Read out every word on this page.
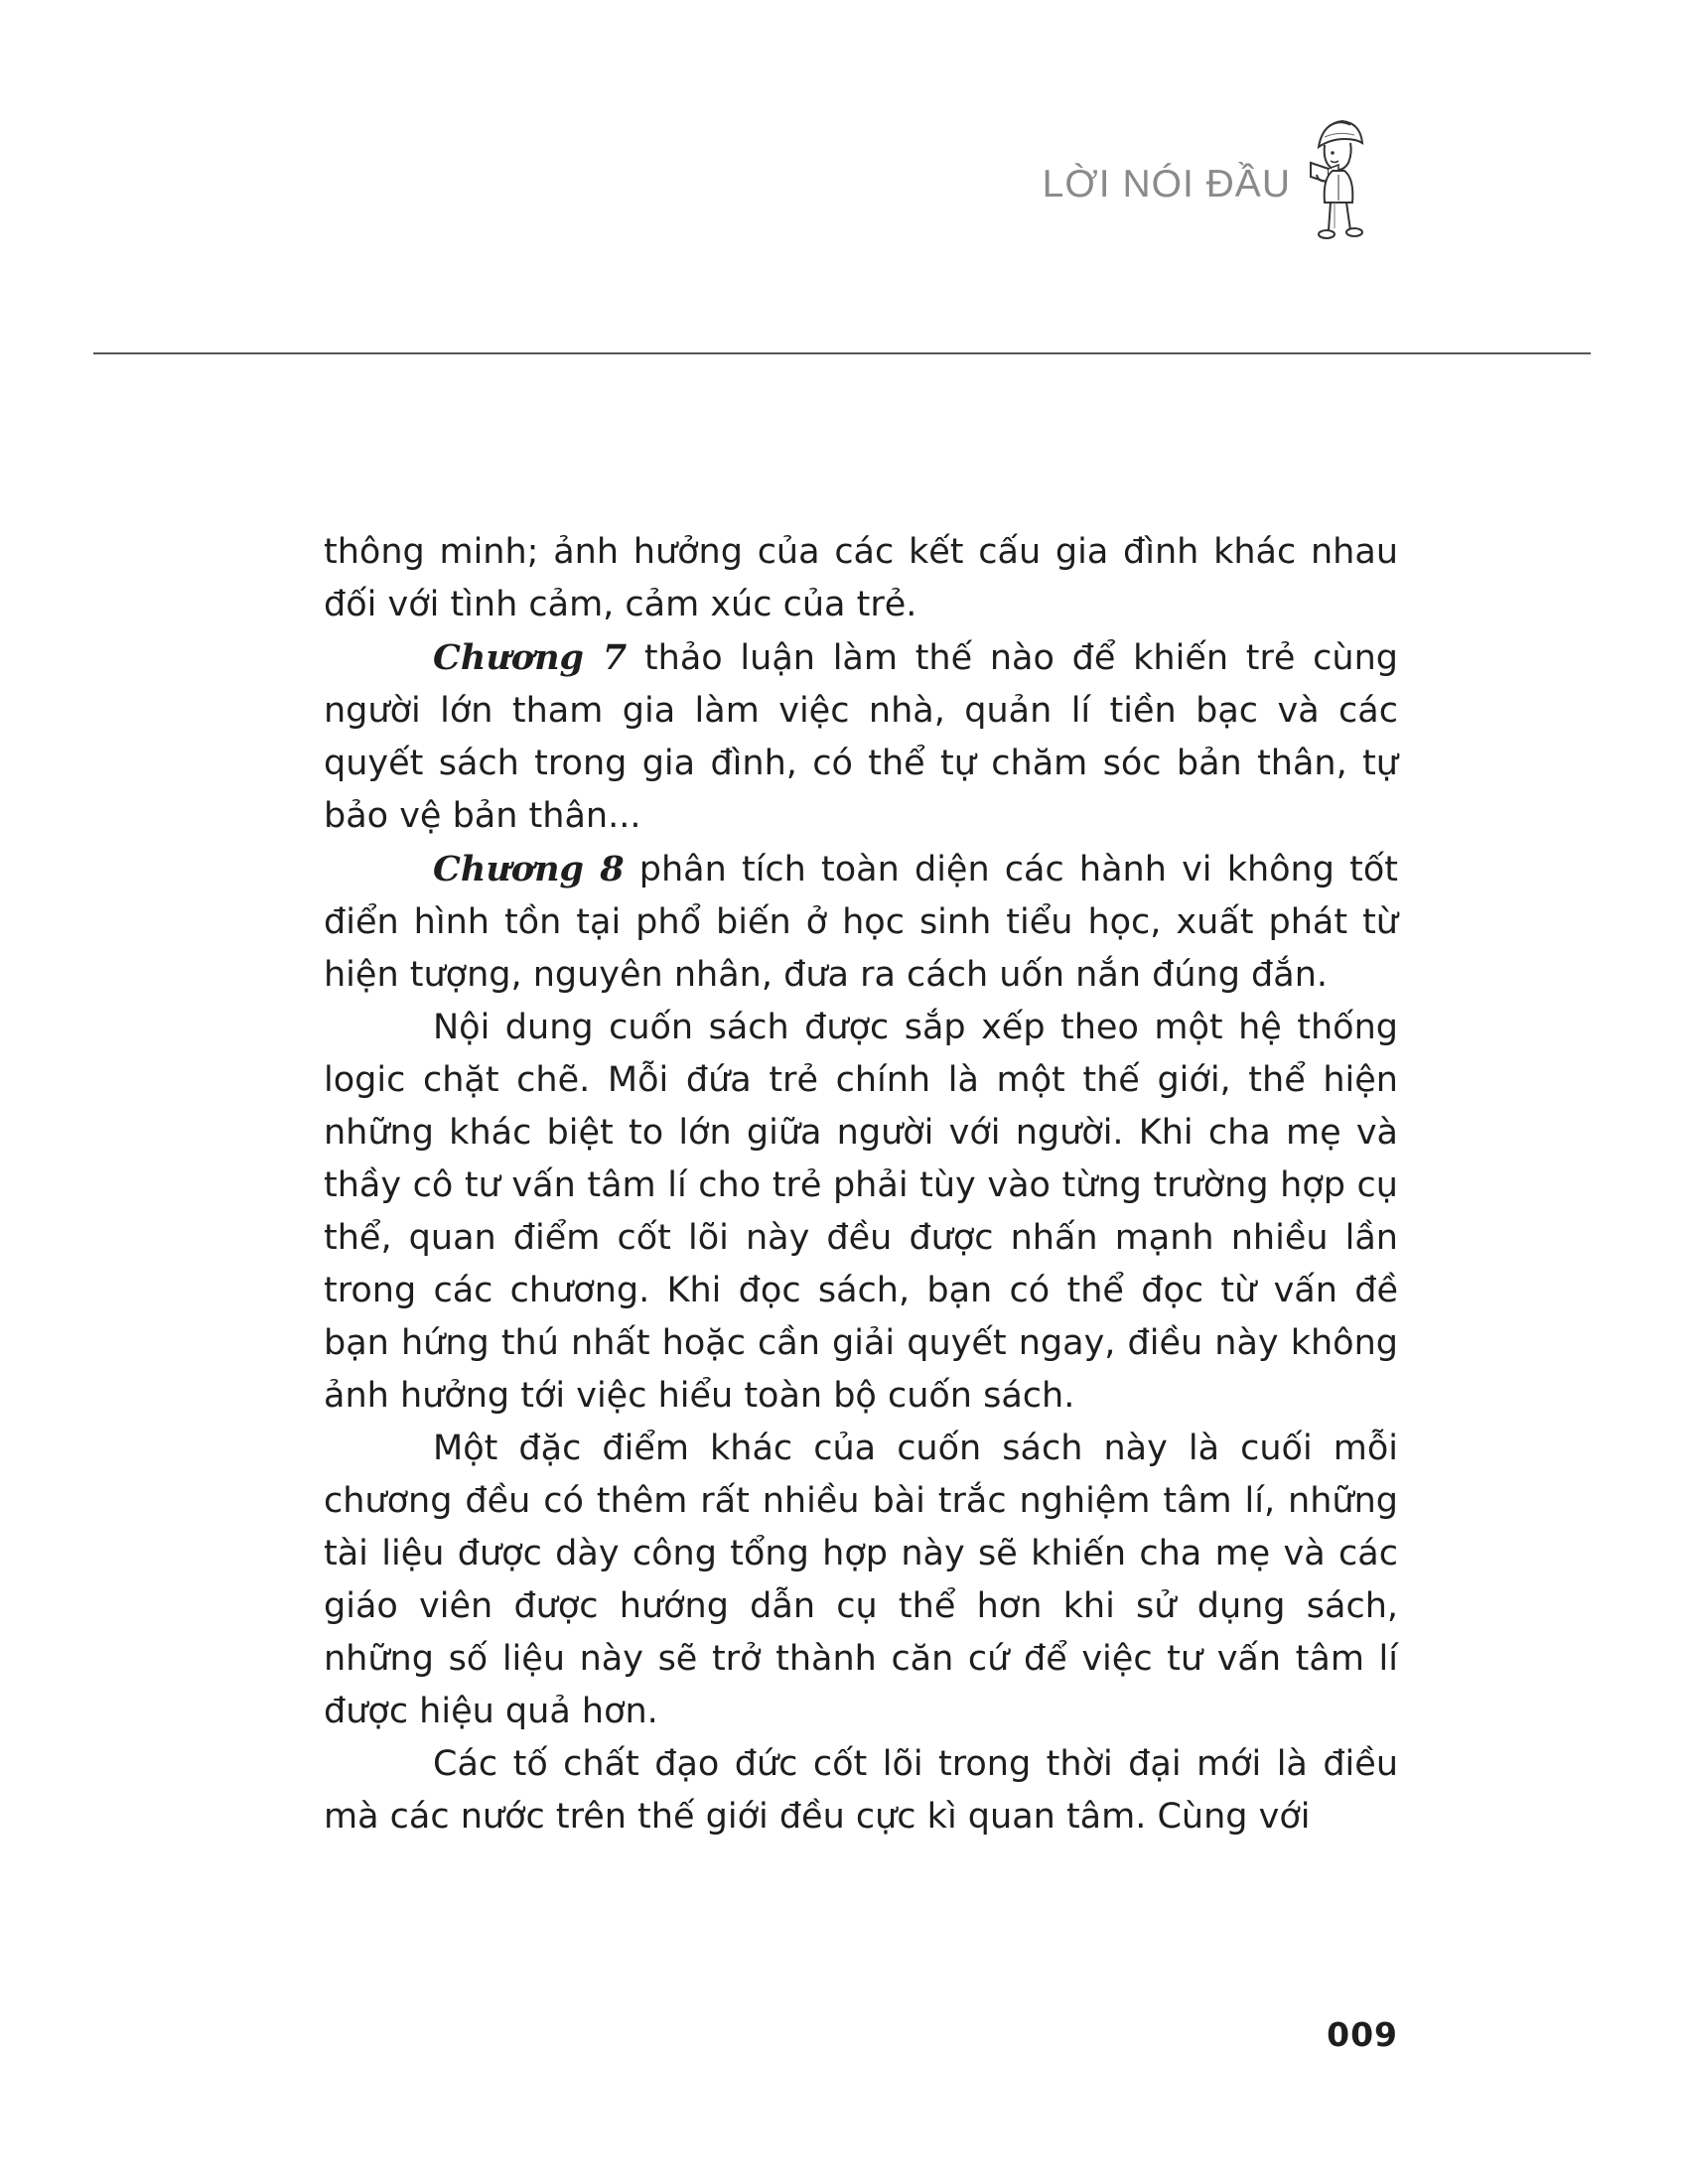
LỜI NÓI ĐẦU

thông minh; ảnh hưởng của các kết cấu gia đình khác nhau đối với tình cảm, cảm xúc của trẻ.

Chương 7 thảo luận làm thế nào để khiến trẻ cùng người lớn tham gia làm việc nhà, quản lí tiền bạc và các quyết sách trong gia đình, có thể tự chăm sóc bản thân, tự bảo vệ bản thân...

Chương 8 phân tích toàn diện các hành vi không tốt điển hình tồn tại phổ biến ở học sinh tiểu học, xuất phát từ hiện tượng, nguyên nhân, đưa ra cách uốn nắn đúng đắn.

Nội dung cuốn sách được sắp xếp theo một hệ thống logic chặt chẽ. Mỗi đứa trẻ chính là một thế giới, thể hiện những khác biệt to lớn giữa người với người. Khi cha mẹ và thầy cô tư vấn tâm lí cho trẻ phải tùy vào từng trường hợp cụ thể, quan điểm cốt lõi này đều được nhấn mạnh nhiều lần trong các chương. Khi đọc sách, bạn có thể đọc từ vấn đề bạn hứng thú nhất hoặc cần giải quyết ngay, điều này không ảnh hưởng tới việc hiểu toàn bộ cuốn sách.

Một đặc điểm khác của cuốn sách này là cuối mỗi chương đều có thêm rất nhiều bài trắc nghiệm tâm lí, những tài liệu được dày công tổng hợp này sẽ khiến cha mẹ và các giáo viên được hướng dẫn cụ thể hơn khi sử dụng sách, những số liệu này sẽ trở thành căn cứ để việc tư vấn tâm lí được hiệu quả hơn.

Các tố chất đạo đức cốt lõi trong thời đại mới là điều mà các nước trên thế giới đều cực kì quan tâm. Cùng với

009
